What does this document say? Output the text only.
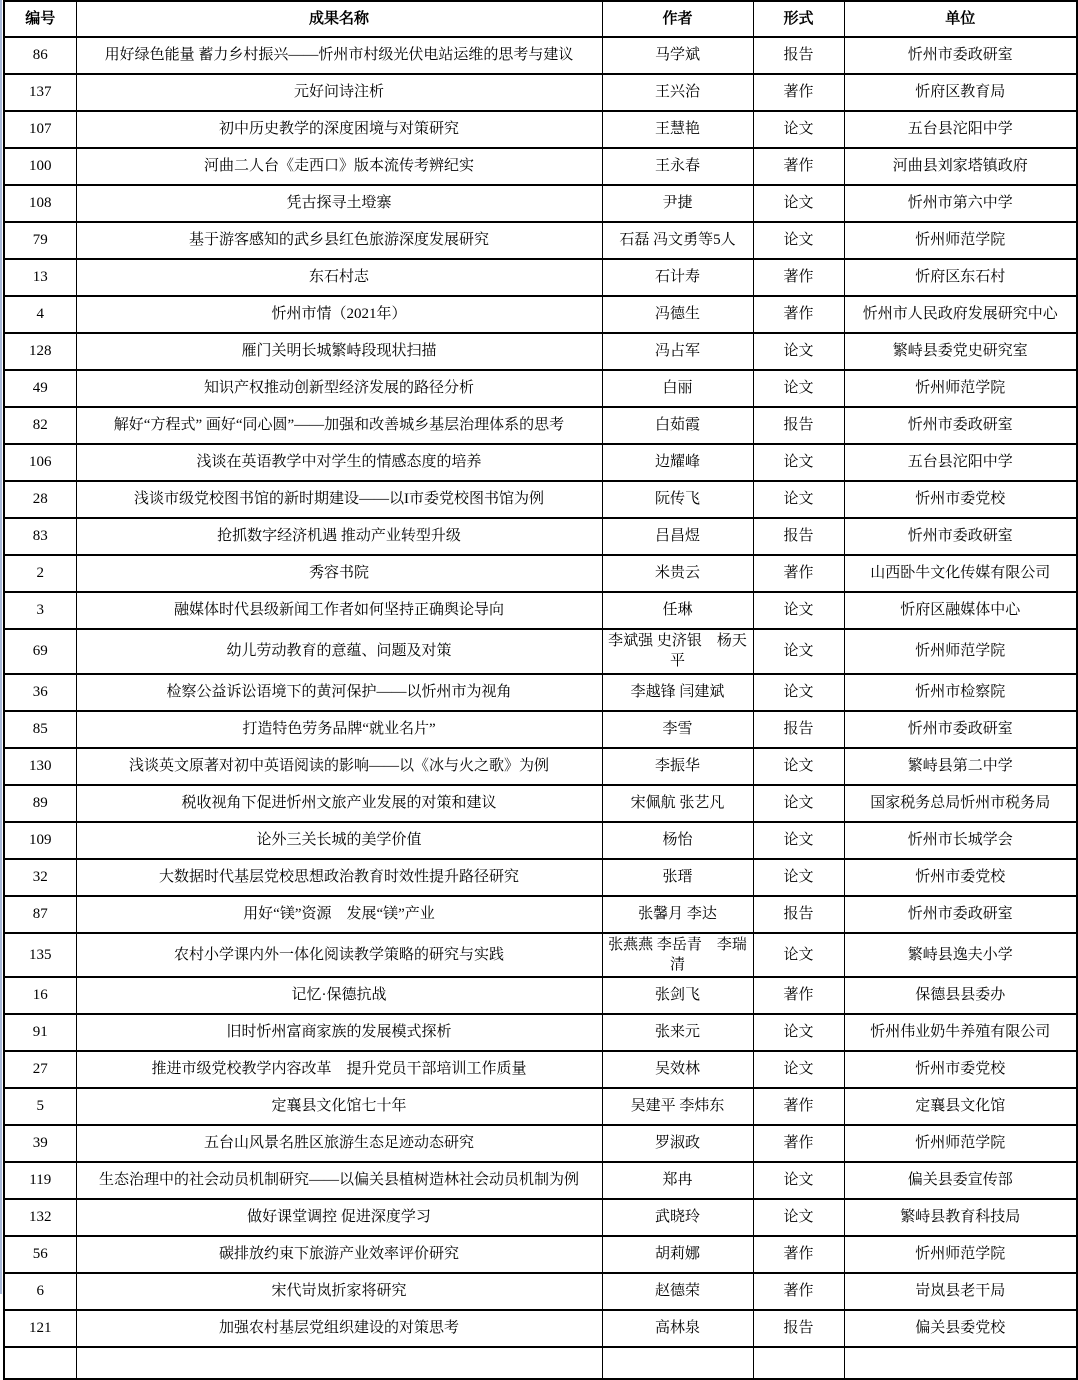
编号	成果名称	作者	形式	单位
86	用好绿色能量 蓄力乡村振兴——忻州市村级光伏电站运维的思考与建议	马学斌	报告	忻州市委政研室
137	元好问诗注析	王兴治	著作	忻府区教育局
107	初中历史教学的深度困境与对策研究	王慧艳	论文	五台县沱阳中学
100	河曲二人台《走西口》版本流传考辨纪实	王永春	著作	河曲县刘家塔镇政府
108	凭古探寻土墱寨	尹捷	论文	忻州市第六中学
79	基于游客感知的武乡县红色旅游深度发展研究	石磊 冯文勇等5人	论文	忻州师范学院
13	东石村志	石计寿	著作	忻府区东石村
4	忻州市情（2021年）	冯德生	著作	忻州市人民政府发展研究中心
128	雁门关明长城繁峙段现状扫描	冯占军	论文	繁峙县委党史研究室
49	知识产权推动创新型经济发展的路径分析	白丽	论文	忻州师范学院
82	解好“方程式” 画好“同心圆”——加强和改善城乡基层治理体系的思考	白茹霞	报告	忻州市委政研室
106	浅谈在英语教学中对学生的情感态度的培养	边耀峰	论文	五台县沱阳中学
28	浅谈市级党校图书馆的新时期建设——以I市委党校图书馆为例	阮传飞	论文	忻州市委党校
83	抢抓数字经济机遇 推动产业转型升级	吕昌煜	报告	忻州市委政研室
2	秀容书院	米贵云	著作	山西卧牛文化传媒有限公司
3	融媒体时代县级新闻工作者如何坚持正确舆论导向	任琳	论文	忻府区融媒体中心
69	幼儿劳动教育的意蕴、问题及对策	李斌强 史济银　杨天平	论文	忻州师范学院
36	检察公益诉讼语境下的黄河保护——以忻州市为视角	李越锋 闫建斌	论文	忻州市检察院
85	打造特色劳务品牌“就业名片”	李雪	报告	忻州市委政研室
130	浅谈英文原著对初中英语阅读的影响——以《冰与火之歌》为例	李振华	论文	繁峙县第二中学
89	税收视角下促进忻州文旅产业发展的对策和建议	宋佩航 张艺凡	论文	国家税务总局忻州市税务局
109	论外三关长城的美学价值	杨怡	论文	忻州市长城学会
32	大数据时代基层党校思想政治教育时效性提升路径研究	张瑨	论文	忻州市委党校
87	用好“镁”资源　发展“镁”产业	张馨月 李达	报告	忻州市委政研室
135	农村小学课内外一体化阅读教学策略的研究与实践	张燕燕 李岳青　李瑞清	论文	繁峙县逸夫小学
16	记忆·保德抗战	张剑飞	著作	保德县县委办
91	旧时忻州富商家族的发展模式探析	张来元	论文	忻州伟业奶牛养殖有限公司
27	推进市级党校教学内容改革　提升党员干部培训工作质量	吴效林	论文	忻州市委党校
5	定襄县文化馆七十年	吴建平 李炜东	著作	定襄县文化馆
39	五台山风景名胜区旅游生态足迹动态研究	罗淑政	著作	忻州师范学院
119	生态治理中的社会动员机制研究——以偏关县植树造林社会动员机制为例	郑冉	论文	偏关县委宣传部
132	做好课堂调控 促进深度学习	武晓玲	论文	繁峙县教育科技局
56	碳排放约束下旅游产业效率评价研究	胡莉娜	著作	忻州师范学院
6	宋代岢岚折家将研究	赵德荣	著作	岢岚县老干局
121	加强农村基层党组织建设的对策思考	高林泉	报告	偏关县委党校
